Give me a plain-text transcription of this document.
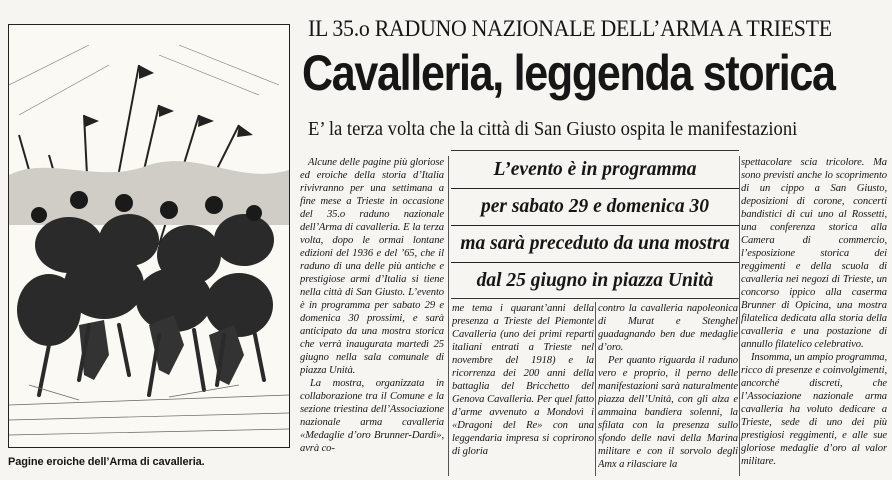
Pagine eroiche dell’Arma di cavalleria.
IL 35.o RADUNO NAZIONALE DELL’ARMA A TRIESTE
Cavalleria, leggenda storica
E’ la terza volta che la città di San Giusto ospita le manifestazioni

Alcune delle pagine più gloriose ed eroiche della storia d’Italia rivivranno per una settimana a fine mese a Trieste in occasione del 35.o raduno nazionale dell’Arma di cavalleria. E la terza volta, dopo le ormai lontane edizioni del 1936 e del ’65, che il raduno di una delle più antiche e prestigiose armi d’Italia si tiene nella città di San Giusto. L’evento è in programma per sabato 29 e domenica 30 prossimi, e sarà anticipato da una mostra storica che verrà inaugurata martedì 25 giugno nella sala comunale di piazza Unità.

La mostra, organizzata in collaborazione tra il Comune e la sezione triestina dell’Associazione nazionale arma cavalleria «Medaglie d’oro Brunner-Dardi», avrà co-

L’evento è in programma
per sabato 29 e domenica 30
ma sarà preceduto da una mostra
dal 25 giugno in piazza Unità

me tema i quarant’anni della presenza a Trieste del Piemonte Cavalleria (uno dei primi reparti italiani entrati a Trieste nel novembre del 1918) e la ricorrenza dei 200 anni della battaglia del Bricchetto del Genova Cavalleria. Per quel fatto d’arme avvenuto a Mondovì i «Dragoni del Re» con una leggendaria impresa si coprirono di gloria

contro la cavalleria napoleonica di Murat e Stenghel guadagnando ben due medaglie d’oro.

Per quanto riguarda il raduno vero e proprio, il perno delle manifestazioni sarà naturalmente piazza dell’Unità, con gli alza e ammaina bandiera solenni, la sfilata con la presenza sullo sfondo delle navi della Marina militare e con il sorvolo degli Amx a rilasciare la

spettacolare scia tricolore. Ma sono previsti anche lo scoprimento di un cippo a San Giusto, deposizioni di corone, concerti bandistici di cui uno al Rossetti, una conferenza storica alla Camera di commercio, l’esposizione storica dei reggimenti e della scuola di cavalleria nei negozi di Trieste, un concorso ippico alla caserma Brunner di Opicina, una mostra filatelica dedicata alla storia della cavalleria e una postazione di annullo filatelico celebrativo.

Insomma, un ampio programma, ricco di presenze e coinvolgimenti, ancorché discreti, che l’Associazione nazionale arma cavalleria ha voluto dedicare a Trieste, sede di uno dei più prestigiosi reggimenti, e alle sue gloriose medaglie d’oro al valor militare.
